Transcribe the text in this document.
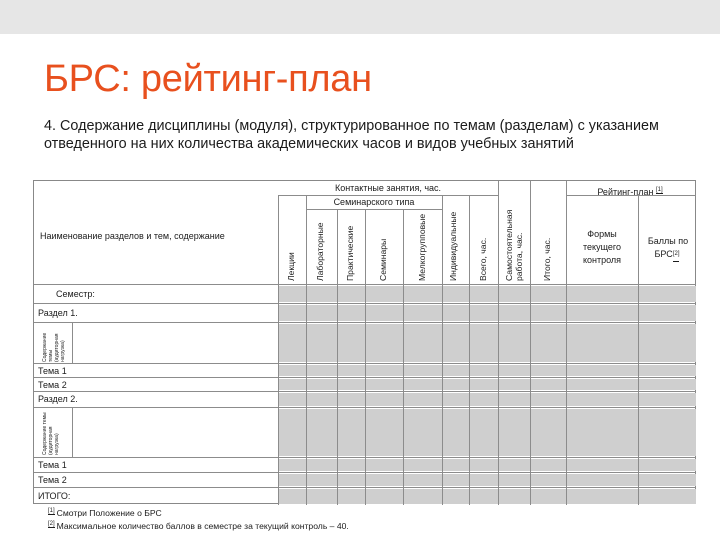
БРС: рейтинг-план
4. Содержание дисциплины (модуля), структурированное по темам (разделам) с указанием отведенного на них количества академических часов и видов учебных занятий
Контактные занятия, час.
Семинарского типа
Наименование разделов и тем, содержание
Лекции Лабораторные Практические	Семинары	Мелкогрупповые Индивидуальные Всего, час. Самостоятельная работа, час. Итого, час.
Рейтинг-план [1]
Формы текущего контроля
Баллы по БРС[2]
Семестр:
Раздел 1.
Содержание темы (аудиторная нагрузка)
Тема 1
Тема 2
Раздел 2.
Содержание темы (аудиторная нагрузка)
Тема 1
Тема 2
ИТОГО:
[1] Смотри Положение о БРС
[2] Максимальное количество баллов в семестре за текущий контроль – 40.
